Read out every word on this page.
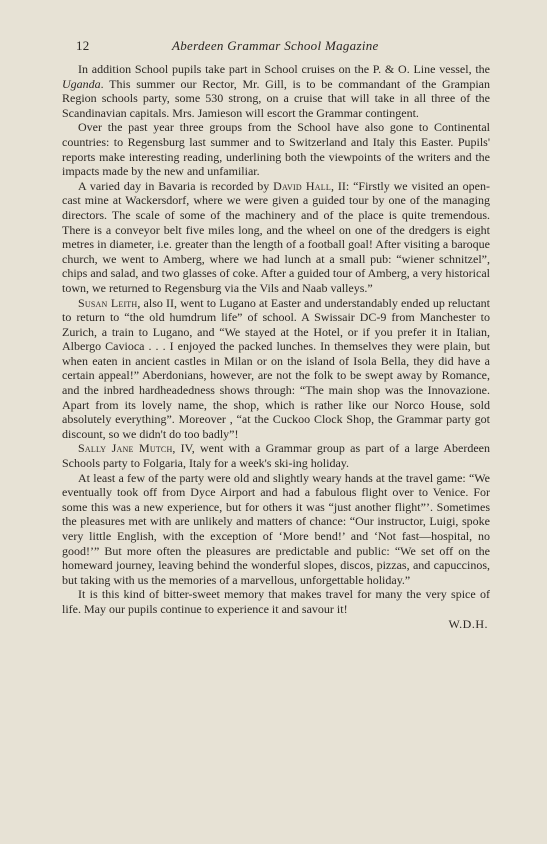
12	Aberdeen Grammar School Magazine

In addition School pupils take part in School cruises on the P. & O. Line vessel, the Uganda. This summer our Rector, Mr. Gill, is to be commandant of the Grampian Region schools party, some 530 strong, on a cruise that will take in all three of the Scandinavian capitals. Mrs. Jamieson will escort the Grammar contingent.

Over the past year three groups from the School have also gone to Continental countries: to Regensburg last summer and to Switzerland and Italy this Easter. Pupils' reports make interesting reading, underlining both the viewpoints of the writers and the impacts made by the new and unfamiliar.

A varied day in Bavaria is recorded by David Hall, II: “Firstly we visited an open-cast mine at Wackersdorf, where we were given a guided tour by one of the managing directors. The scale of some of the machinery and of the place is quite tremendous. There is a conveyor belt five miles long, and the wheel on one of the dredgers is eight metres in diameter, i.e. greater than the length of a football goal! After visiting a baroque church, we went to Amberg, where we had lunch at a small pub: “wiener schnitzel”, chips and salad, and two glasses of coke. After a guided tour of Amberg, a very historical town, we returned to Regensburg via the Vils and Naab valleys.”

Susan Leith, also II, went to Lugano at Easter and understandably ended up reluctant to return to “the old humdrum life” of school. A Swissair DC-9 from Manchester to Zurich, a train to Lugano, and “We stayed at the Hotel, or if you prefer it in Italian, Albergo Cavioca . . . I enjoyed the packed lunches. In themselves they were plain, but when eaten in ancient castles in Milan or on the island of Isola Bella, they did have a certain appeal!” Aberdonians, however, are not the folk to be swept away by Romance, and the inbred hardheadedness shows through: “The main shop was the Innovazione. Apart from its lovely name, the shop, which is rather like our Norco House, sold absolutely everything”. Moreover , “at the Cuckoo Clock Shop, the Grammar party got discount, so we didn't do too badly”!

Sally Jane Mutch, IV, went with a Grammar group as part of a large Aberdeen Schools party to Folgaria, Italy for a week's ski-ing holiday.

At least a few of the party were old and slightly weary hands at the travel game: “We eventually took off from Dyce Airport and had a fabulous flight over to Venice. For some this was a new experience, but for others it was “just another flight”’. Sometimes the pleasures met with are unlikely and matters of chance: “Our instructor, Luigi, spoke very little English, with the exception of ‘More bend!’ and ‘Not fast—hospital, no good!’” But more often the pleasures are predictable and public: “We set off on the homeward journey, leaving behind the wonderful slopes, discos, pizzas, and capuccinos, but taking with us the memories of a marvellous, unforgettable holiday.”

It is this kind of bitter-sweet memory that makes travel for many the very spice of life. May our pupils continue to experience it and savour it!

W.D.H.
